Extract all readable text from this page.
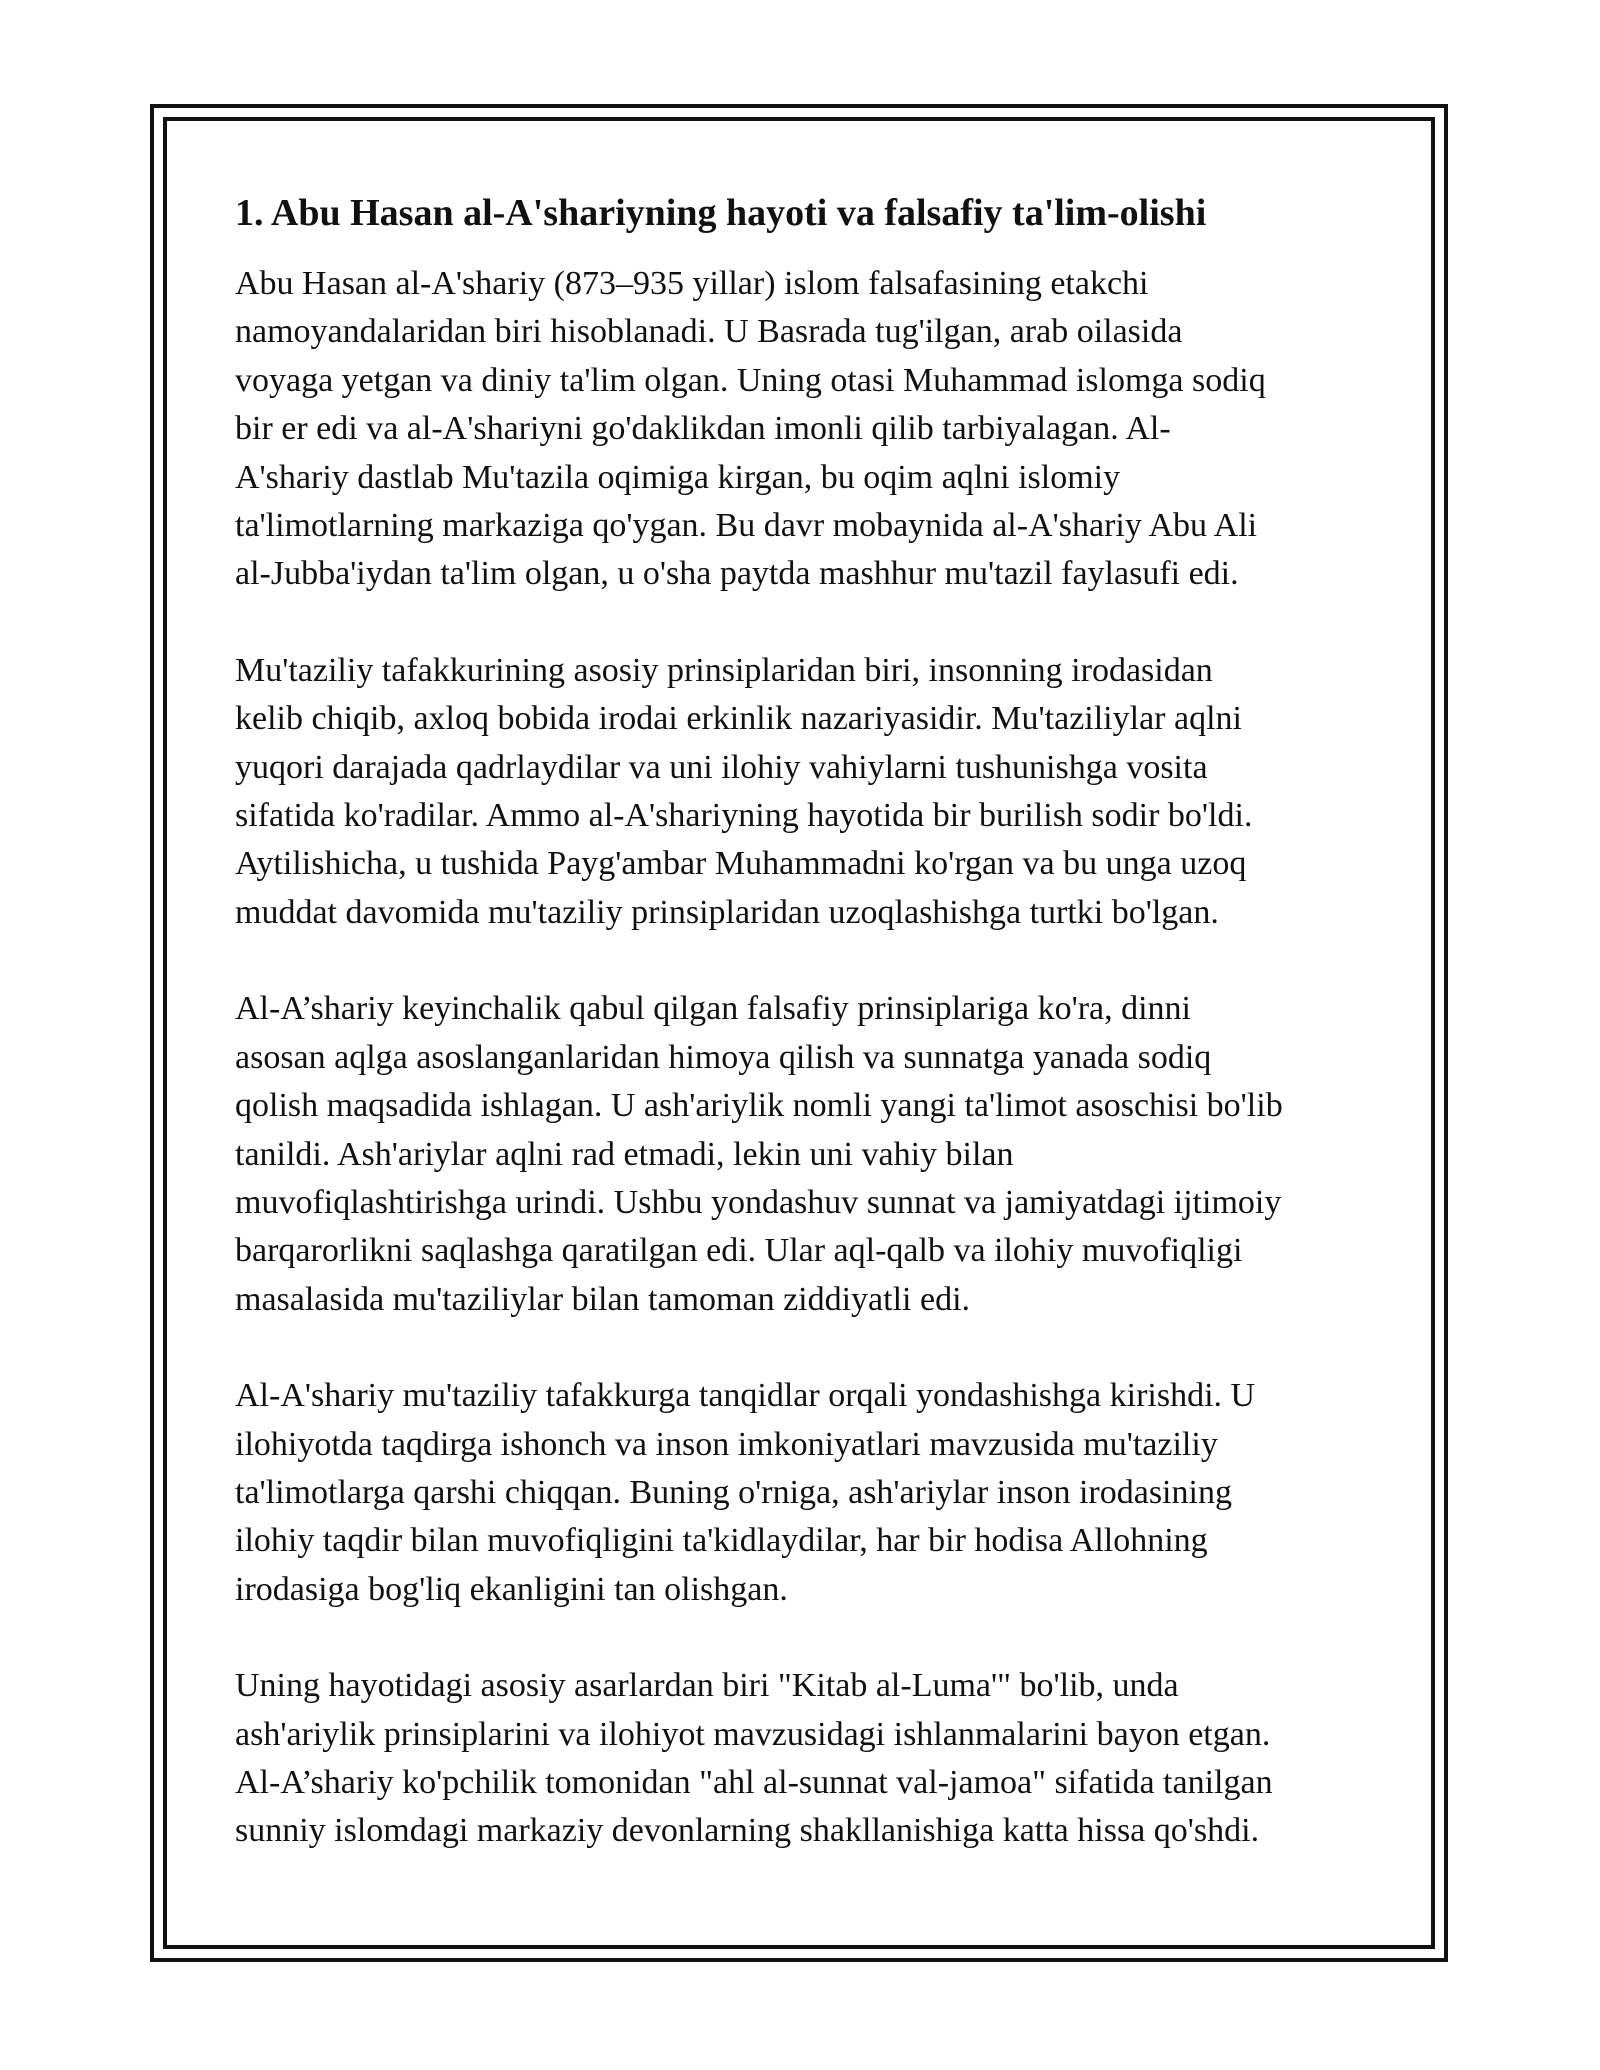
1. Abu Hasan al-A'shariyning hayoti va falsafiy ta'lim-olishi

Abu Hasan al-A'shariy (873–935 yillar) islom falsafasining etakchi
namoyandalaridan biri hisoblanadi. U Basrada tug'ilgan, arab oilasida
voyaga yetgan va diniy ta'lim olgan. Uning otasi Muhammad islomga sodiq
bir er edi va al-A'shariyni go'daklikdan imonli qilib tarbiyalagan. Al-
A'shariy dastlab Mu'tazila oqimiga kirgan, bu oqim aqlni islomiy
ta'limotlarning markaziga qo'ygan. Bu davr mobaynida al-A'shariy Abu Ali
al-Jubba'iydan ta'lim olgan, u o'sha paytda mashhur mu'tazil faylasufi edi.

Mu'taziliy tafakkurining asosiy prinsiplaridan biri, insonning irodasidan
kelib chiqib, axloq bobida irodai erkinlik nazariyasidir. Mu'taziliylar aqlni
yuqori darajada qadrlaydilar va uni ilohiy vahiylarni tushunishga vosita
sifatida ko'radilar. Ammo al-A'shariyning hayotida bir burilish sodir bo'ldi.
Aytilishicha, u tushida Payg'ambar Muhammadni ko'rgan va bu unga uzoq
muddat davomida mu'taziliy prinsiplaridan uzoqlashishga turtki bo'lgan.

Al-A’shariy keyinchalik qabul qilgan falsafiy prinsiplariga ko'ra, dinni
asosan aqlga asoslanganlaridan himoya qilish va sunnatga yanada sodiq
qolish maqsadida ishlagan. U ash'ariylik nomli yangi ta'limot asoschisi bo'lib
tanildi. Ash'ariylar aqlni rad etmadi, lekin uni vahiy bilan
muvofiqlashtirishga urindi. Ushbu yondashuv sunnat va jamiyatdagi ijtimoiy
barqarorlikni saqlashga qaratilgan edi. Ular aql-qalb va ilohiy muvofiqligi
masalasida mu'taziliylar bilan tamoman ziddiyatli edi.

Al-A'shariy mu'taziliy tafakkurga tanqidlar orqali yondashishga kirishdi. U
ilohiyotda taqdirga ishonch va inson imkoniyatlari mavzusida mu'taziliy
ta'limotlarga qarshi chiqqan. Buning o'rniga, ash'ariylar inson irodasining
ilohiy taqdir bilan muvofiqligini ta'kidlaydilar, har bir hodisa Allohning
irodasiga bog'liq ekanligini tan olishgan.

Uning hayotidagi asosiy asarlardan biri "Kitab al-Luma'" bo'lib, unda
ash'ariylik prinsiplarini va ilohiyot mavzusidagi ishlanmalarini bayon etgan.
Al-A’shariy ko'pchilik tomonidan "ahl al-sunnat val-jamoa" sifatida tanilgan
sunniy islomdagi markaziy devonlarning shakllanishiga katta hissa qo'shdi.
